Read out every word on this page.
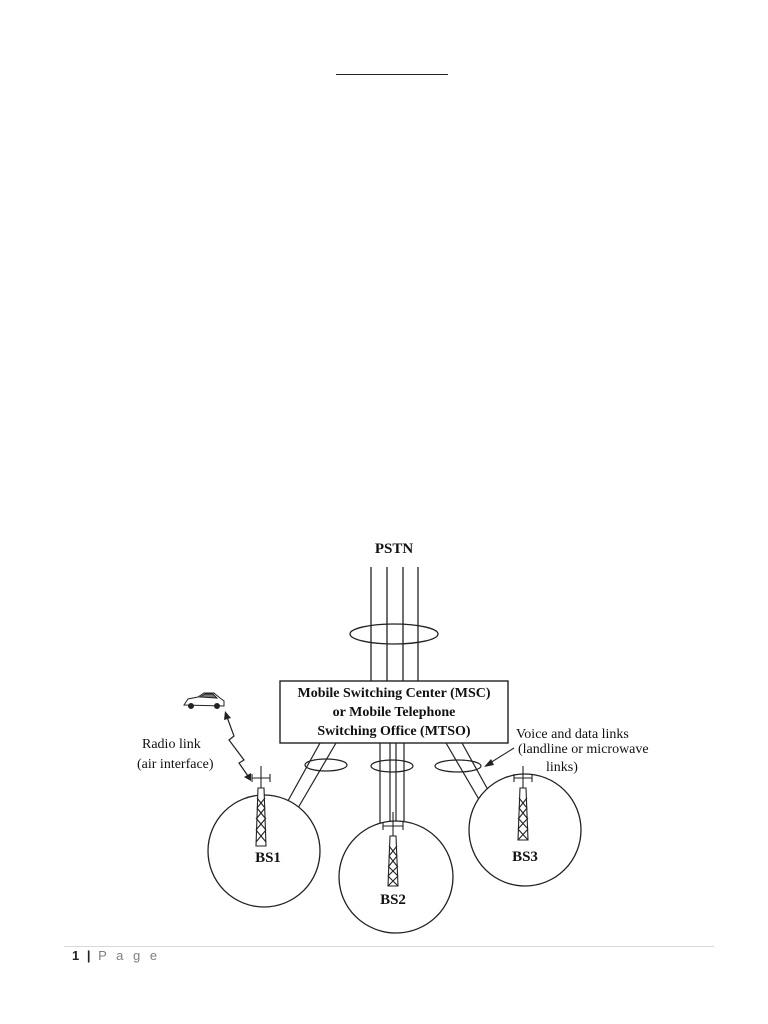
PSTN
Mobile Switching Center (MSC)
or Mobile Telephone
Switching Office (MTSO)
BS1
BS2
BS3
Radio link
(air interface)
Voice and data links
(landline or microwave
links)
1 | P a g e
